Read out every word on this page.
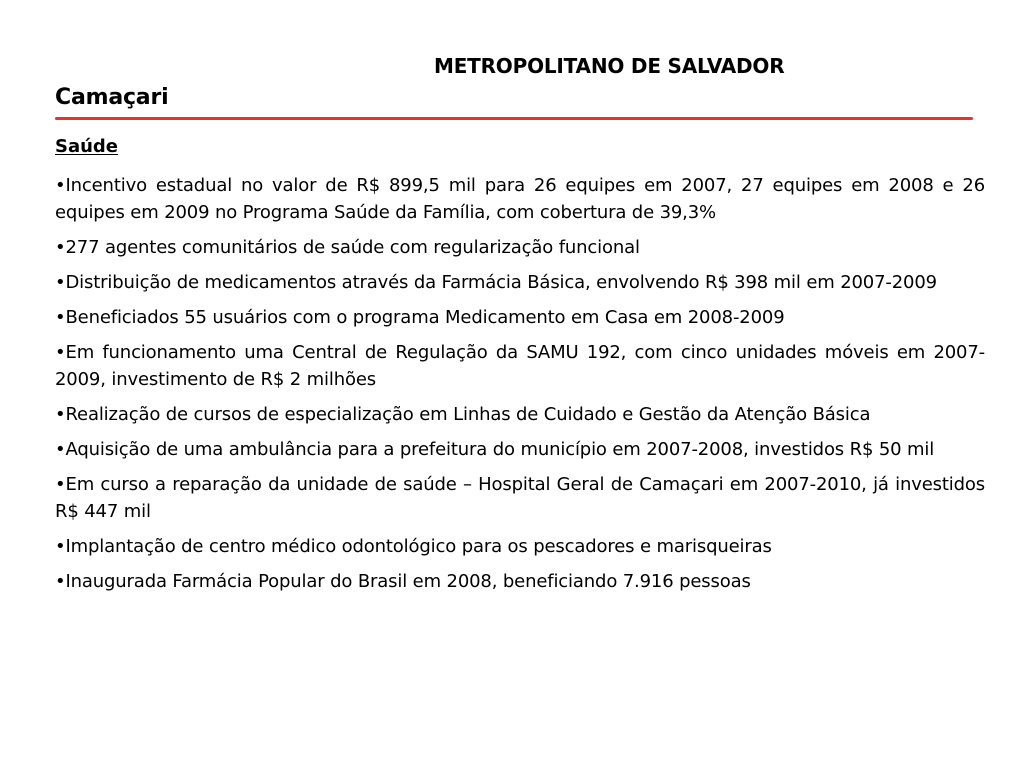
METROPOLITANO DE SALVADOR
Camaçari
Saúde
•Incentivo estadual no valor de R$ 899,5 mil para 26 equipes em 2007, 27 equipes em 2008 e 26 equipes em 2009 no Programa Saúde da Família, com cobertura de 39,3%
•277 agentes comunitários de saúde com regularização funcional
•Distribuição de medicamentos através da Farmácia Básica, envolvendo R$ 398 mil em 2007-2009
•Beneficiados 55 usuários com o programa Medicamento em Casa em 2008-2009
•Em funcionamento uma Central de Regulação da SAMU 192, com cinco unidades móveis em 2007-2009, investimento de R$ 2 milhões
•Realização de cursos de especialização em Linhas de Cuidado e Gestão da Atenção Básica
•Aquisição de uma ambulância para a prefeitura do município em 2007-2008, investidos R$ 50 mil
•Em curso a reparação da unidade de saúde – Hospital Geral de Camaçari em 2007-2010, já investidos R$ 447 mil
•Implantação de centro médico odontológico para os pescadores e marisqueiras
•Inaugurada Farmácia Popular do Brasil em 2008, beneficiando 7.916 pessoas
